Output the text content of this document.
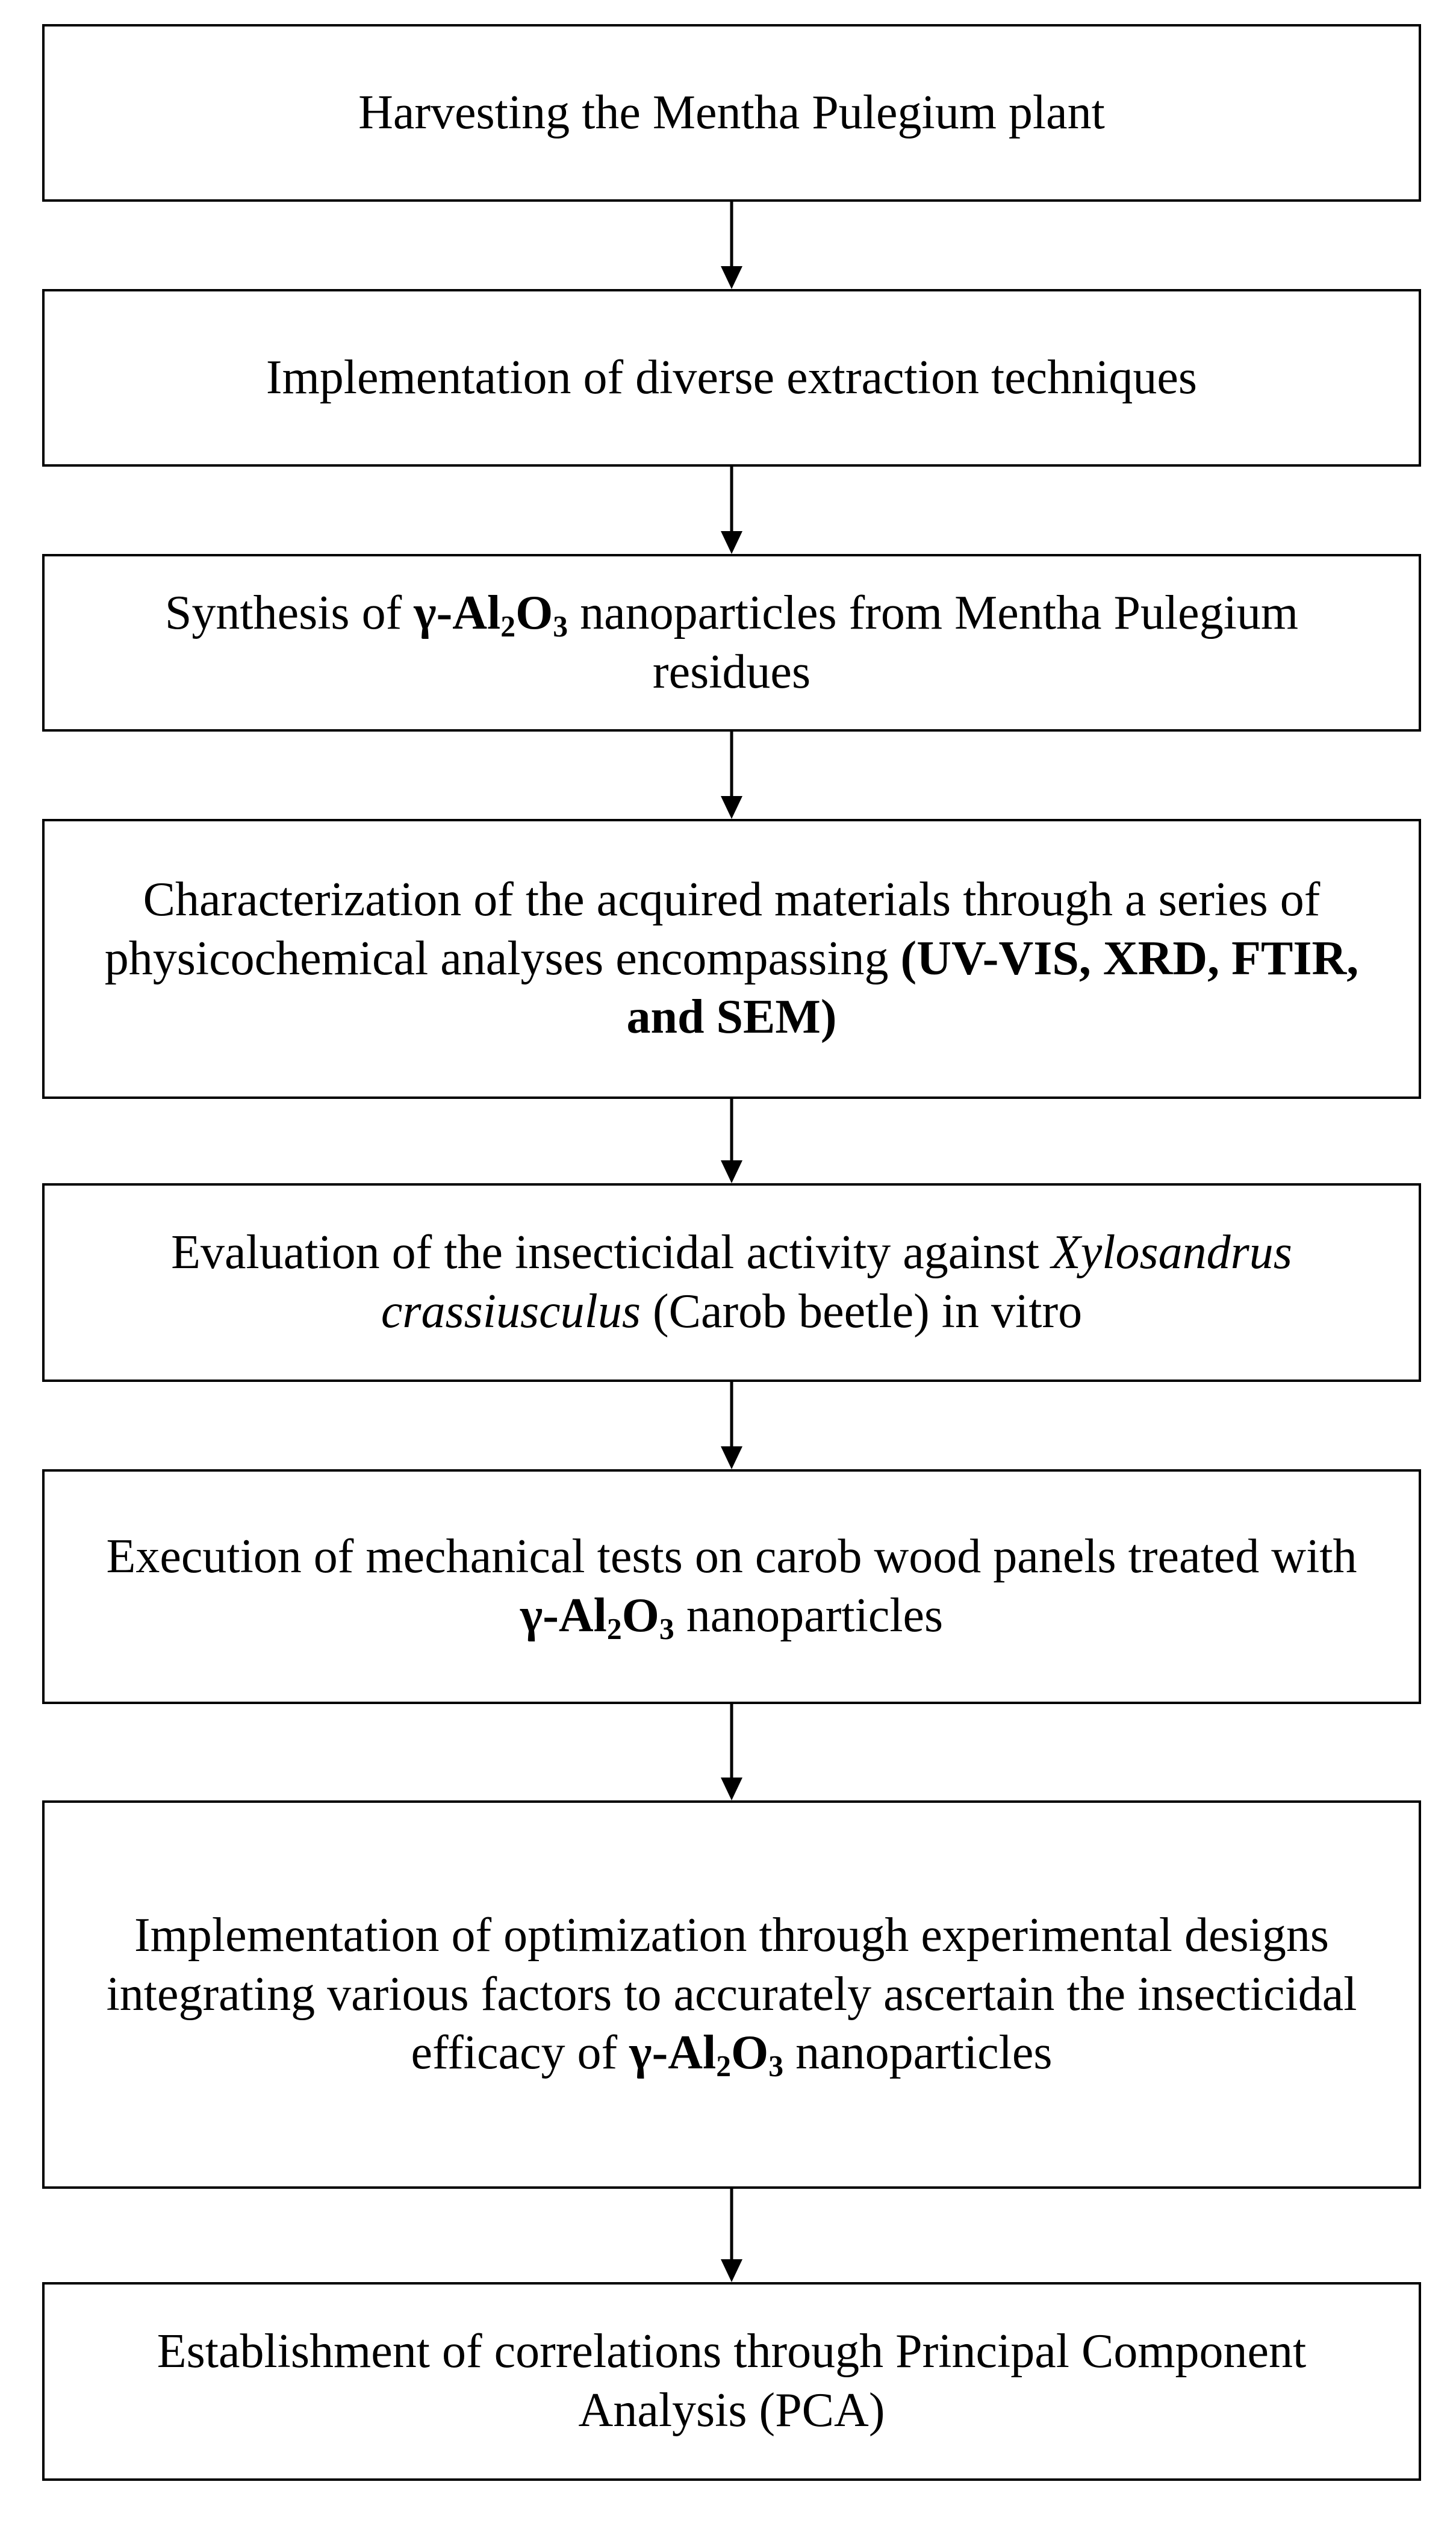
Harvesting the Mentha Pulegium plant
Implementation of diverse extraction techniques
Synthesis of $\gamma-Al_2O_3$ nanoparticles from Mentha Pulegium residues
Characterization of the acquired materials through a series of physicochemical analyses encompassing (UV-VIS, XRD, FTIR, and SEM)
Evaluation of the insecticidal activity against Xylosandrus crassiusculus (Carob beetle) in vitro
Execution of mechanical tests on carob wood panels treated with $\gamma-Al_2O_3$ nanoparticles
Implementation of optimization through experimental designs integrating various factors to accurately ascertain the insecticidal efficacy of $\gamma-Al_2O_3$ nanoparticles
Establishment of correlations through Principal Component Analysis (PCA)
